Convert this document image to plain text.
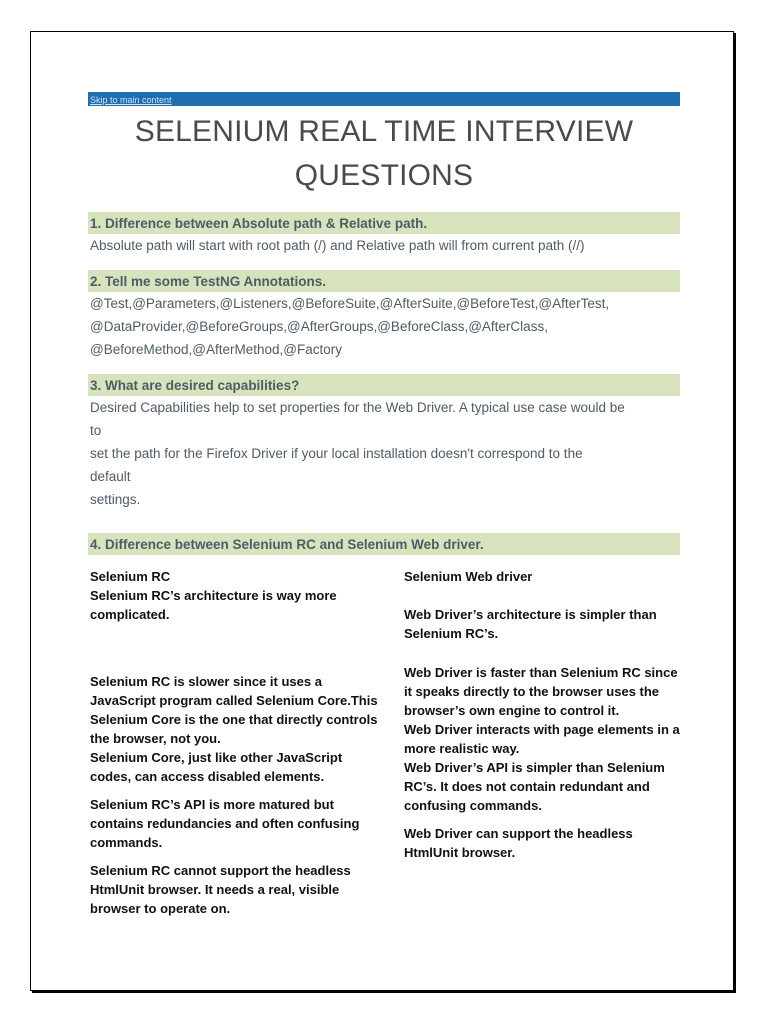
Skip to main content
SELENIUM REAL TIME INTERVIEW QUESTIONS
1. Difference between Absolute path & Relative path.
Absolute path will start with root path (/) and Relative path will from current path (//)
2. Tell me some TestNG Annotations.
@Test,@Parameters,@Listeners,@BeforeSuite,@AfterSuite,@BeforeTest,@AfterTest,
@DataProvider,@BeforeGroups,@AfterGroups,@BeforeClass,@AfterClass,
@BeforeMethod,@AfterMethod,@Factory
3. What are desired capabilities?
Desired Capabilities help to set properties for the Web Driver. A typical use case would be
to
set the path for the Firefox Driver if your local installation doesn't correspond to the
default
settings.
4. Difference between Selenium RC and Selenium Web driver.

Selenium RC

Selenium RC’s architecture is way more complicated.

Selenium RC is slower since it uses a JavaScript program called Selenium Core.This Selenium Core is the one that directly controls the browser, not you.

Selenium Core, just like other JavaScript codes, can access disabled elements.

Selenium RC’s API is more matured but contains redundancies and often confusing commands.

Selenium RC cannot support the headless HtmlUnit browser. It needs a real, visible browser to operate on.

Selenium Web driver

Web Driver’s architecture is simpler than Selenium RC’s.

Web Driver is faster than Selenium RC since it speaks directly to the browser uses the browser’s own engine to control it.

Web Driver interacts with page elements in a more realistic way.

Web Driver’s API is simpler than Selenium RC’s. It does not contain redundant and confusing commands.

Web Driver can support the headless HtmlUnit browser.
